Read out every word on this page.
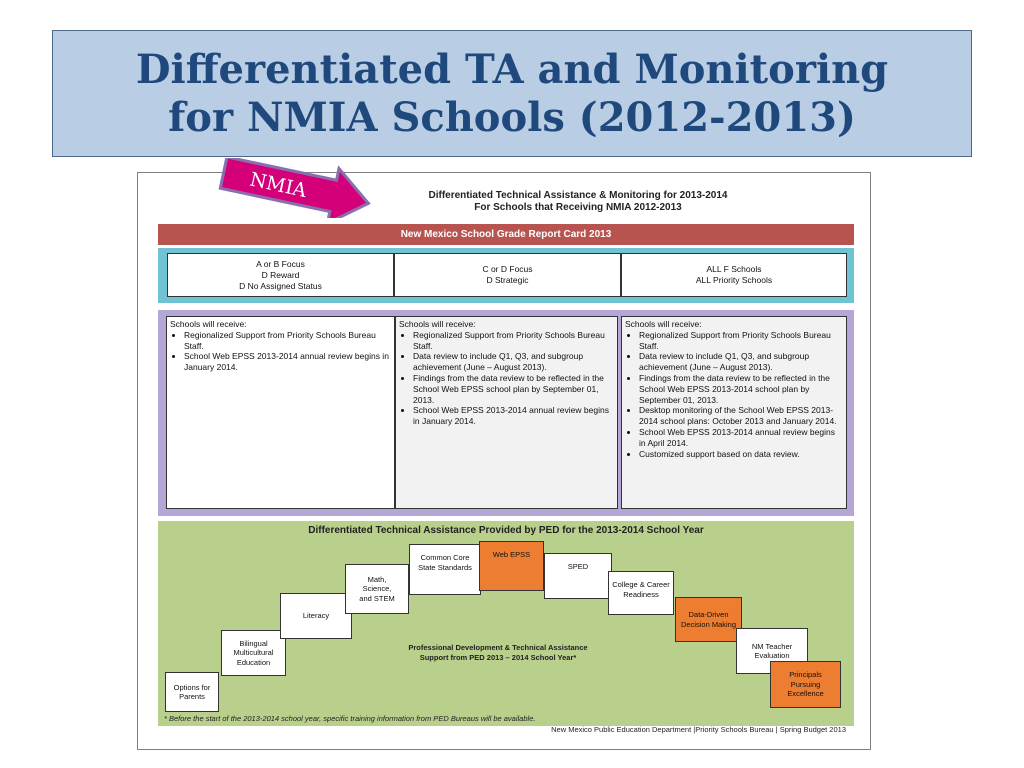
Differentiated TA and Monitoring
for NMIA Schools (2012-2013)
Differentiated Technical Assistance & Monitoring for 2013-2014
For Schools that Receiving NMIA 2012-2013
New Mexico School Grade Report Card 2013
A or B Focus
D Reward
D No Assigned Status
C or D Focus
D Strategic
ALL F Schools
ALL Priority Schools
Schools will receive:
• Regionalized Support from Priority Schools Bureau Staff.
• School Web EPSS 2013-2014 annual review begins in January 2014.
Schools will receive:
• Regionalized Support from Priority Schools Bureau Staff.
• Data review to include Q1, Q3, and subgroup achievement (June – August 2013).
• Findings from the data review to be reflected in the School Web EPSS school plan by September 01, 2013.
• School Web EPSS 2013-2014 annual review begins in January 2014.
Schools will receive:
• Regionalized Support from Priority Schools Bureau Staff.
• Data review to include Q1, Q3, and subgroup achievement (June – August 2013).
• Findings from the data review to be reflected in the School Web EPSS 2013-2014 school plan by September 01, 2013.
• Desktop monitoring of the School Web EPSS 2013-2014 school plans: October 2013 and January 2014.
• School Web EPSS 2013-2014 annual review begins in April 2014.
• Customized support based on data review.
Differentiated Technical Assistance Provided by PED for the 2013-2014 School Year
Options for
Parents
Bilingual
Multicultural
Education
Literacy
Math,
Science,
and STEM
Common Core
State Standards
Web EPSS
SPED
College & Career
Readiness
Data-Driven
Decision Making
NM Teacher
Evaluation
Principals
Pursuing
Excellence
Professional Development & Technical Assistance
Support from PED 2013 – 2014 School Year*
* Before the start of the 2013-2014 school year, specific training information from PED Bureaus will be available.
New Mexico Public Education Department |Priority Schools Bureau | Spring Budget 2013
NMIA
